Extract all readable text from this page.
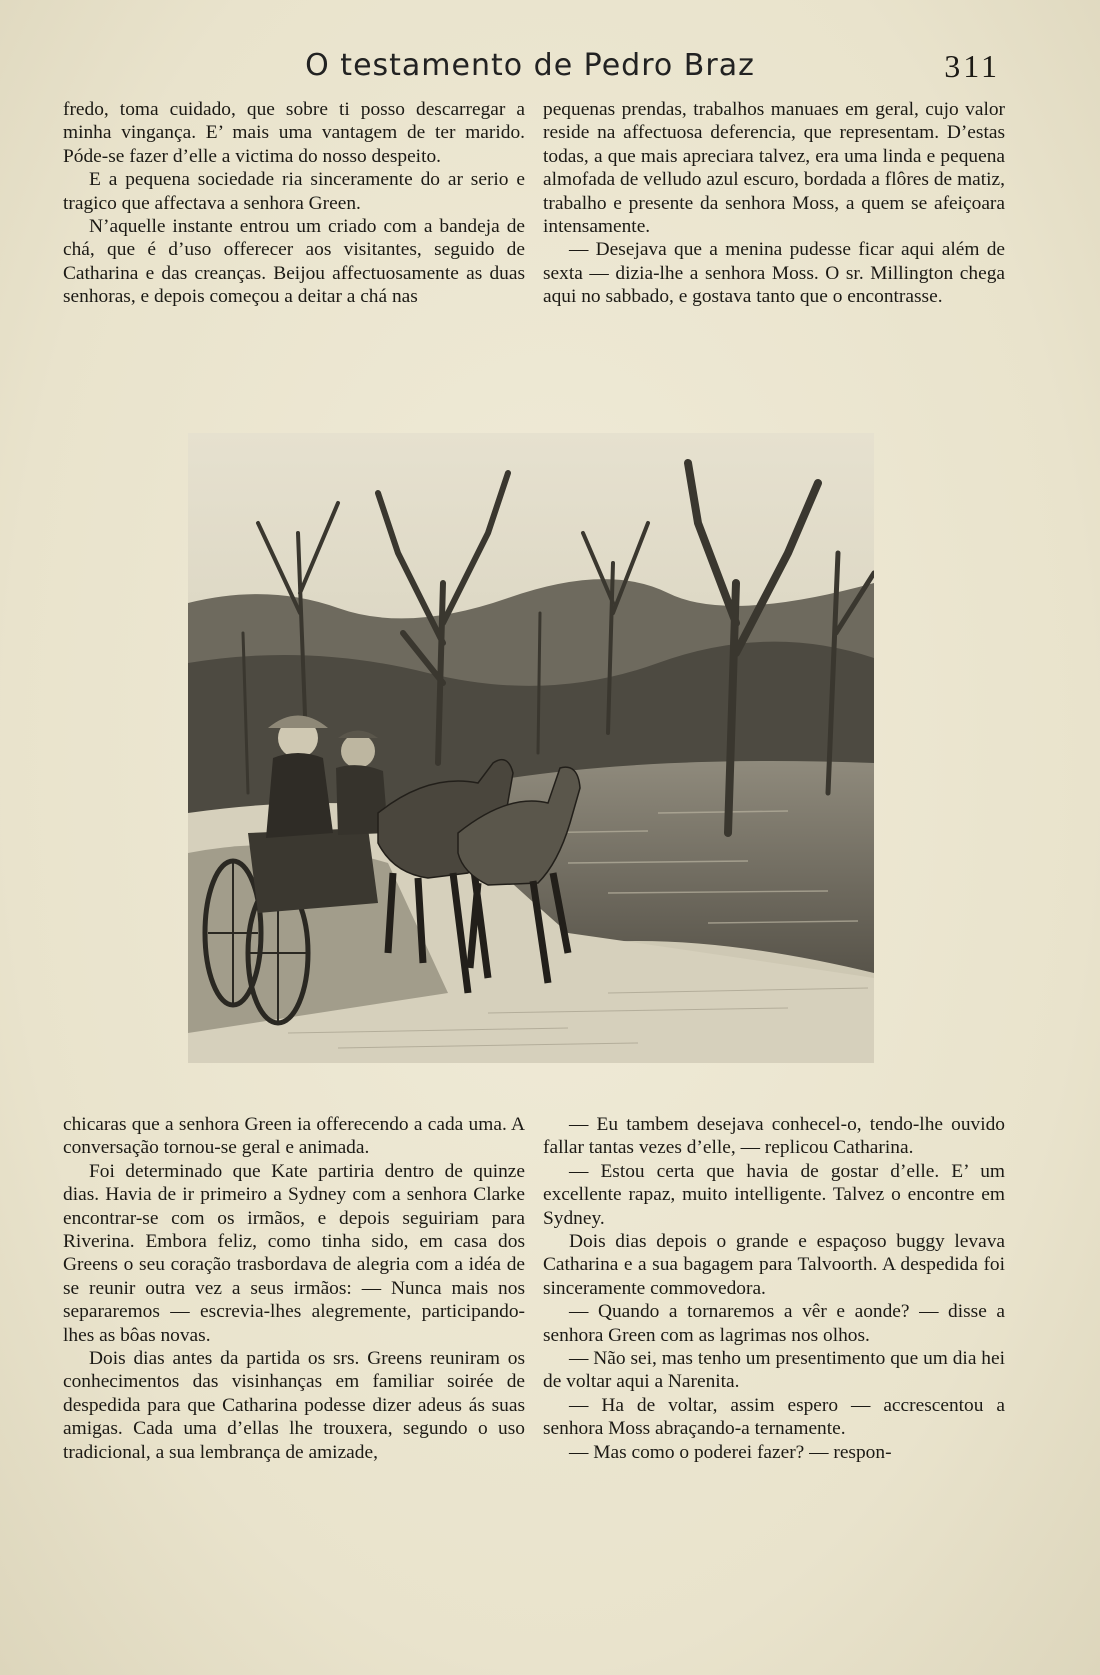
O testamento de Pedro Braz	311

fredo, toma cuidado, que sobre ti posso descarregar a minha vingança. E’ mais uma vantagem de ter marido. Póde-se fazer d’elle a victima do nosso despeito.

E a pequena sociedade ria sinceramente do ar serio e tragico que affectava a senhora Green.

N’aquelle instante entrou um criado com a bandeja de chá, que é d’uso offerecer aos visitantes, seguido de Catharina e das creanças. Beijou affectuosamente as duas senhoras, e depois começou a deitar a chá nas

pequenas prendas, trabalhos manuaes em geral, cujo valor reside na affectuosa deferencia, que representam. D’estas todas, a que mais apreciara talvez, era uma linda e pequena almofada de velludo azul escuro, bordada a flôres de matiz, trabalho e presente da senhora Moss, a quem se afeiçoara intensamente.

— Desejava que a menina pudesse ficar aqui além de sexta — dizia-lhe a senhora Moss. O sr. Millington chega aqui no sabbado, e gostava tanto que o encontrasse.

chicaras que a senhora Green ia offerecendo a cada uma. A conversação tornou-se geral e animada.

Foi determinado que Kate partiria dentro de quinze dias. Havia de ir primeiro a Sydney com a senhora Clarke encontrar-se com os irmãos, e depois seguiriam para Riverina. Embora feliz, como tinha sido, em casa dos Greens o seu coração trasbordava de alegria com a idéa de se reunir outra vez a seus irmãos: — Nunca mais nos separaremos — escrevia-lhes alegremente, participando-lhes as bôas novas.

Dois dias antes da partida os srs. Greens reuniram os conhecimentos das visinhanças em familiar soirée de despedida para que Catharina podesse dizer adeus ás suas amigas. Cada uma d’ellas lhe trouxera, segundo o uso tradicional, a sua lembrança de amizade,

— Eu tambem desejava conhecel-o, tendo-lhe ouvido fallar tantas vezes d’elle, — replicou Catharina.

— Estou certa que havia de gostar d’elle. E’ um excellente rapaz, muito intelligente. Talvez o encontre em Sydney.

Dois dias depois o grande e espaçoso buggy levava Catharina e a sua bagagem para Talvoorth. A despedida foi sinceramente commovedora.

— Quando a tornaremos a vêr e aonde? — disse a senhora Green com as lagrimas nos olhos.

— Não sei, mas tenho um presentimento que um dia hei de voltar aqui a Narenita.

— Ha de voltar, assim espero — accrescentou a senhora Moss abraçando-a ternamente.

— Mas como o poderei fazer? — respon-
